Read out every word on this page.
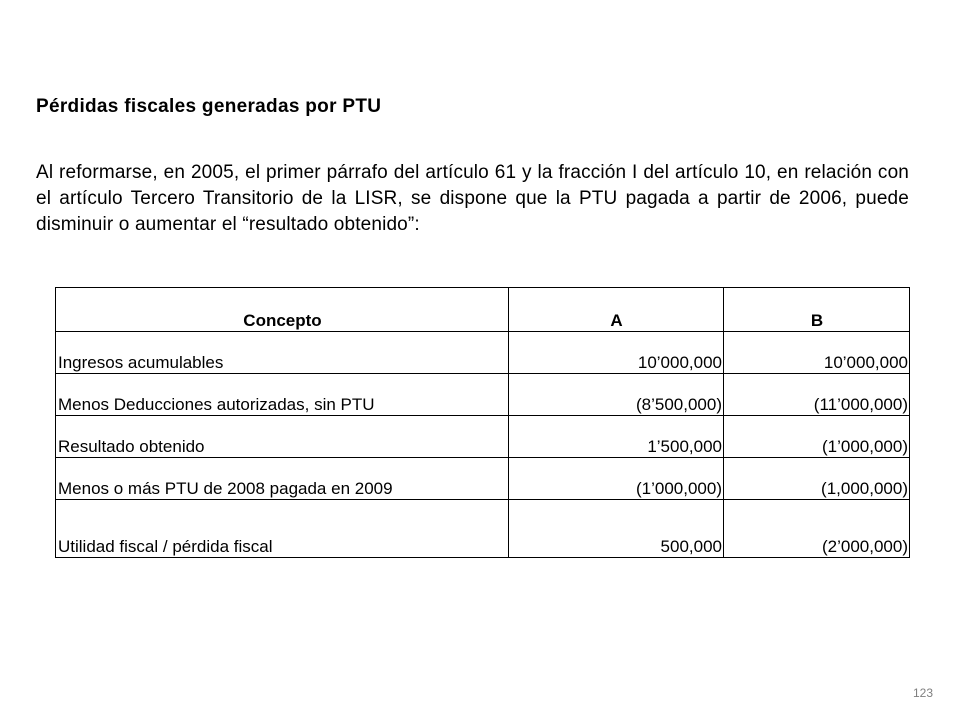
Pérdidas fiscales generadas por PTU
Al reformarse, en 2005, el primer párrafo del artículo 61 y la fracción I del artículo 10, en relación con el artículo Tercero Transitorio de la LISR, se dispone que la PTU pagada a partir de 2006, puede disminuir o aumentar el “resultado obtenido”:
Concepto	A	B
Ingresos acumulables	10’000,000	10’000,000
Menos Deducciones autorizadas, sin PTU	(8’500,000)	(11’000,000)
Resultado obtenido	1’500,000	(1’000,000)
Menos o más PTU de 2008 pagada en 2009	(1’000,000)	(1,000,000)
Utilidad fiscal / pérdida fiscal	500,000	(2’000,000)
123
